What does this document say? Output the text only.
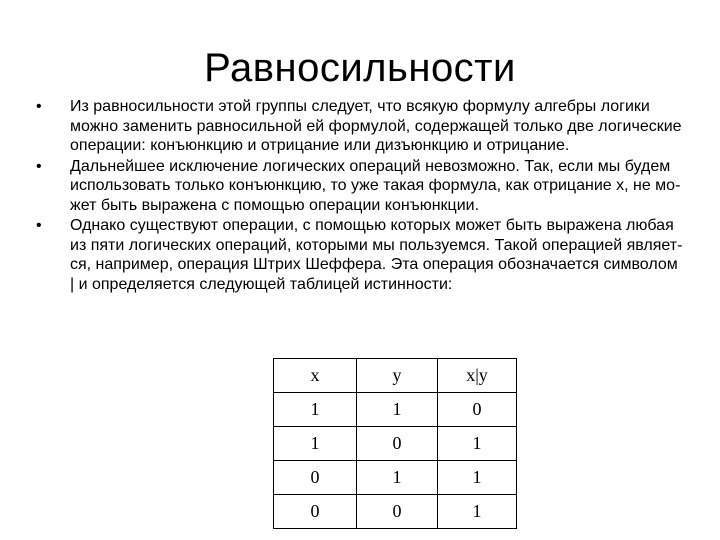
Равносильности
• Из равносильности этой группы следует, что всякую формулу алгебры логики можно заменить равносильной ей формулой, содержащей только две логические операции: конъюнкцию и отрицание или дизъюнкцию и отрицание.
• Дальнейшее исключение логических операций невозможно. Так, если мы будем использовать только конъюнкцию, то уже такая формула, как отрицание x, не мо-жет быть выражена с помощью операции конъюнкции.
• Однако существуют операции, с помощью которых может быть выражена любая из пяти логических операций, которыми мы пользуемся. Такой операцией являет-ся, например, операция Штрих Шеффера. Эта операция обозначается символом | и определяется следующей таблицей истинности:
x	y	x|y
1	1	0
1	0	1
0	1	1
0	0	1
